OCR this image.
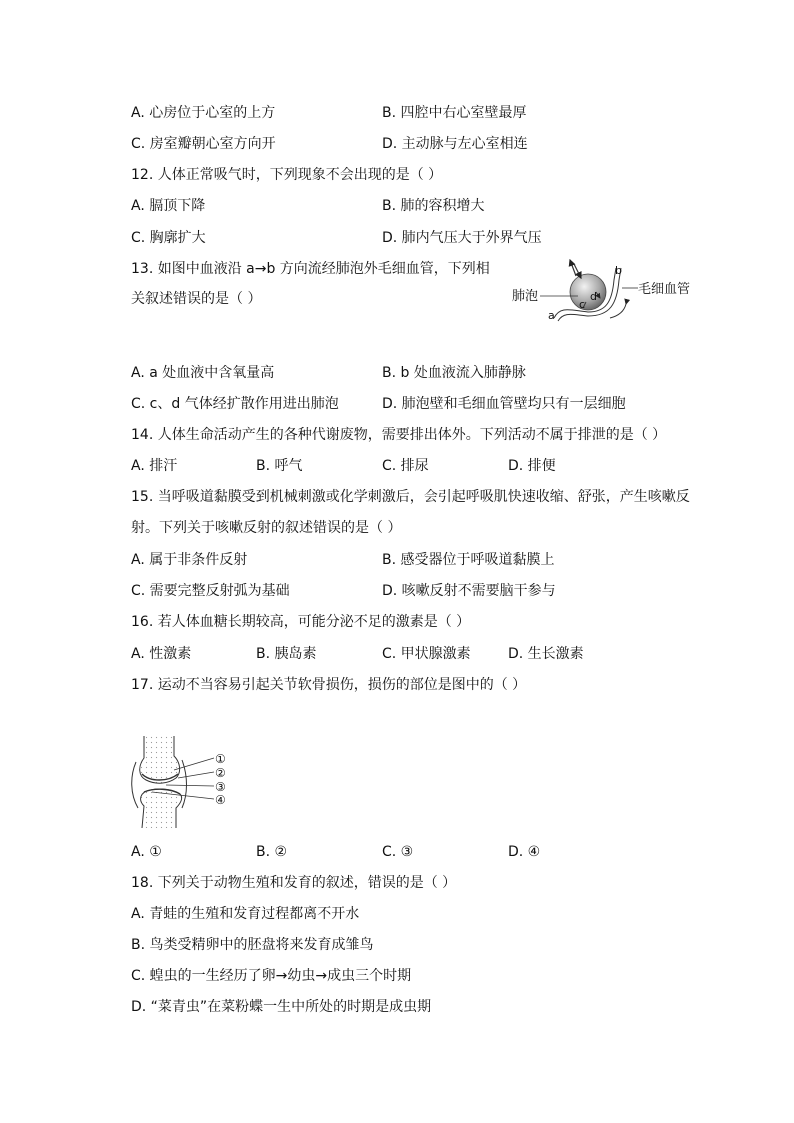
A. 心房位于心室的上方	B. 四腔中右心室壁最厚
C. 房室瓣朝心室方向开	D. 主动脉与左心室相连
12. 人体正常吸气时，下列现象不会出现的是（ ）
A. 膈顶下降	B. 肺的容积增大
C. 胸廓扩大	D. 肺内气压大于外界气压
13. 如图中血液沿 a→b 方向流经肺泡外毛细血管，下列相
关叙述错误的是（ ）	肺泡	毛细血管
b
d
c
a
A. a 处血液中含氧量高	B. b 处血液流入肺静脉
C. c、d 气体经扩散作用进出肺泡	D. 肺泡壁和毛细血管壁均只有一层细胞
14. 人体生命活动产生的各种代谢废物，需要排出体外。下列活动不属于排泄的是（ ）
A. 排汗	B. 呼气	C. 排尿	D. 排便
15. 当呼吸道黏膜受到机械刺激或化学刺激后，会引起呼吸肌快速收缩、舒张，产生咳嗽反
射。下列关于咳嗽反射的叙述错误的是（ ）
A. 属于非条件反射	B. 感受器位于呼吸道黏膜上
C. 需要完整反射弧为基础	D. 咳嗽反射不需要脑干参与
16. 若人体血糖长期较高，可能分泌不足的激素是（ ）
A. 性激素	B. 胰岛素	C. 甲状腺激素	D. 生长激素
17. 运动不当容易引起关节软骨损伤，损伤的部位是图中的（ ）
①
②
③
④
A. ①	B. ②	C. ③	D. ④
18. 下列关于动物生殖和发育的叙述，错误的是（ ）
A. 青蛙的生殖和发育过程都离不开水
B. 鸟类受精卵中的胚盘将来发育成雏鸟
C. 蝗虫的一生经历了卵→幼虫→成虫三个时期
D. “菜青虫”在菜粉蝶一生中所处的时期是成虫期
